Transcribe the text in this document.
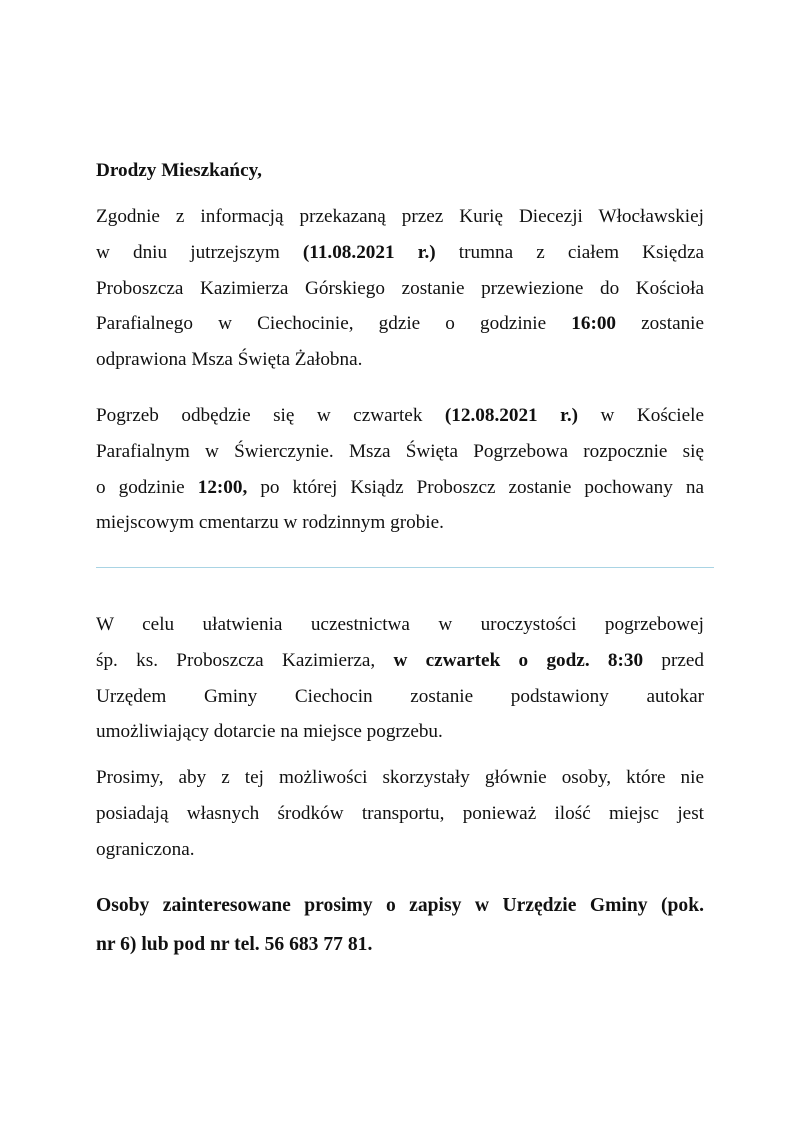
Drodzy Mieszkańcy,
Zgodnie z informacją przekazaną przez Kurię Diecezji Włocławskiej
w dniu jutrzejszym (11.08.2021 r.) trumna z ciałem Księdza
Proboszcza Kazimierza Górskiego zostanie przewiezione do Kościoła
Parafialnego w Ciechocinie, gdzie o godzinie 16:00 zostanie
odprawiona Msza Święta Żałobna.
Pogrzeb odbędzie się w czwartek (12.08.2021 r.) w Kościele
Parafialnym w Świerczynie. Msza Święta Pogrzebowa rozpocznie się
o godzinie 12:00, po której Ksiądz Proboszcz zostanie pochowany na
miejscowym cmentarzu w rodzinnym grobie.
W celu ułatwienia uczestnictwa w uroczystości pogrzebowej
śp. ks. Proboszcza Kazimierza, w czwartek o godz. 8:30 przed
Urzędem Gminy Ciechocin zostanie podstawiony autokar
umożliwiający dotarcie na miejsce pogrzebu.
Prosimy, aby z tej możliwości skorzystały głównie osoby, które nie
posiadają własnych środków transportu, ponieważ ilość miejsc jest
ograniczona.
Osoby zainteresowane prosimy o zapisy w Urzędzie Gminy (pok.
nr 6) lub pod nr tel. 56 683 77 81.
